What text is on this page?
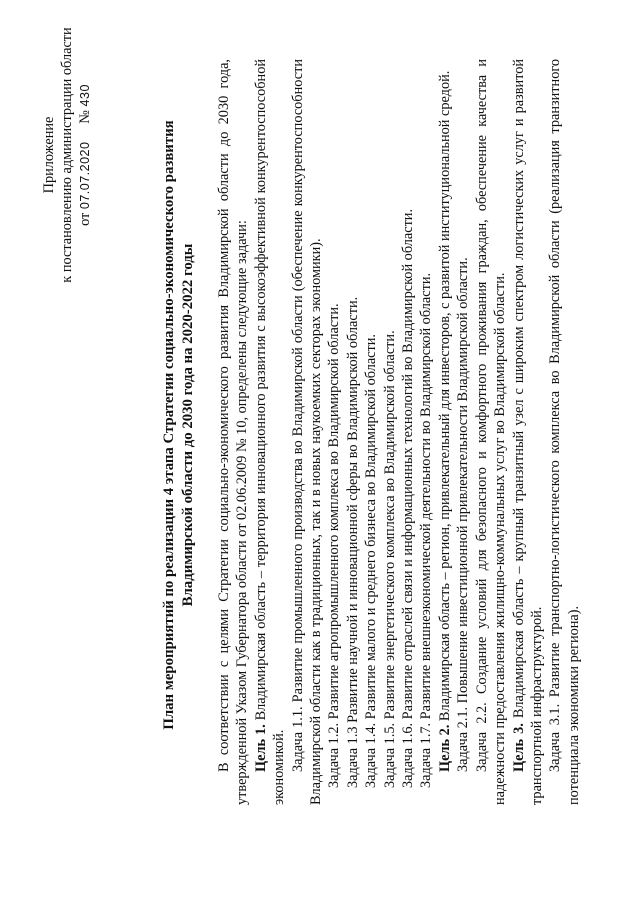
Приложение к постановлению администрации области от 07.07.2020     № 430
План мероприятий по реализации 4 этапа Стратегии социально-экономического развития Владимирской области до 2030 года на 2020-2022 годы В соответствии с целями Стратегии социально-экономического развития Владимирской области до 2030 года, утвержденной Указом Губернатора области от 02.06.2009 № 10, определены следующие задачи: Цель 1. Владимирская область – территория инновационного развития с высокоэффективной конкурентоспособной экономикой. Задача 1.1. Развитие промышленного производства во Владимирской области (обеспечение конкурентоспособности Владимирской области как в традиционных, так и в новых наукоемких секторах экономики). Задача 1.2. Развитие агропромышленного комплекса во Владимирской области. Задача 1.3 Развитие научной и инновационной сферы во Владимирской области. Задача 1.4. Развитие малого и среднего бизнеса во Владимирской области. Задача 1.5. Развитие энергетического комплекса во Владимирской области. Задача 1.6. Развитие отраслей связи и информационных технологий во Владимирской области. Задача 1.7. Развитие внешнеэкономической деятельности во Владимирской области. Цель 2. Владимирская область – регион, привлекательный для инвесторов, с развитой институциональной средой. Задача 2.1. Повышение инвестиционной привлекательности Владимирской области. Задача 2.2. Создание условий для безопасного и комфортного проживания граждан, обеспечение качества и надежности предоставления жилищно-коммунальных услуг во Владимирской области. Цель 3. Владимирская область – крупный транзитный узел с широким спектром логистических услуг и развитой транспортной инфраструктурой. Задача 3.1. Развитие транспортно-логистического комплекса во Владимирской области (реализация транзитного потенциала экономики региона).
